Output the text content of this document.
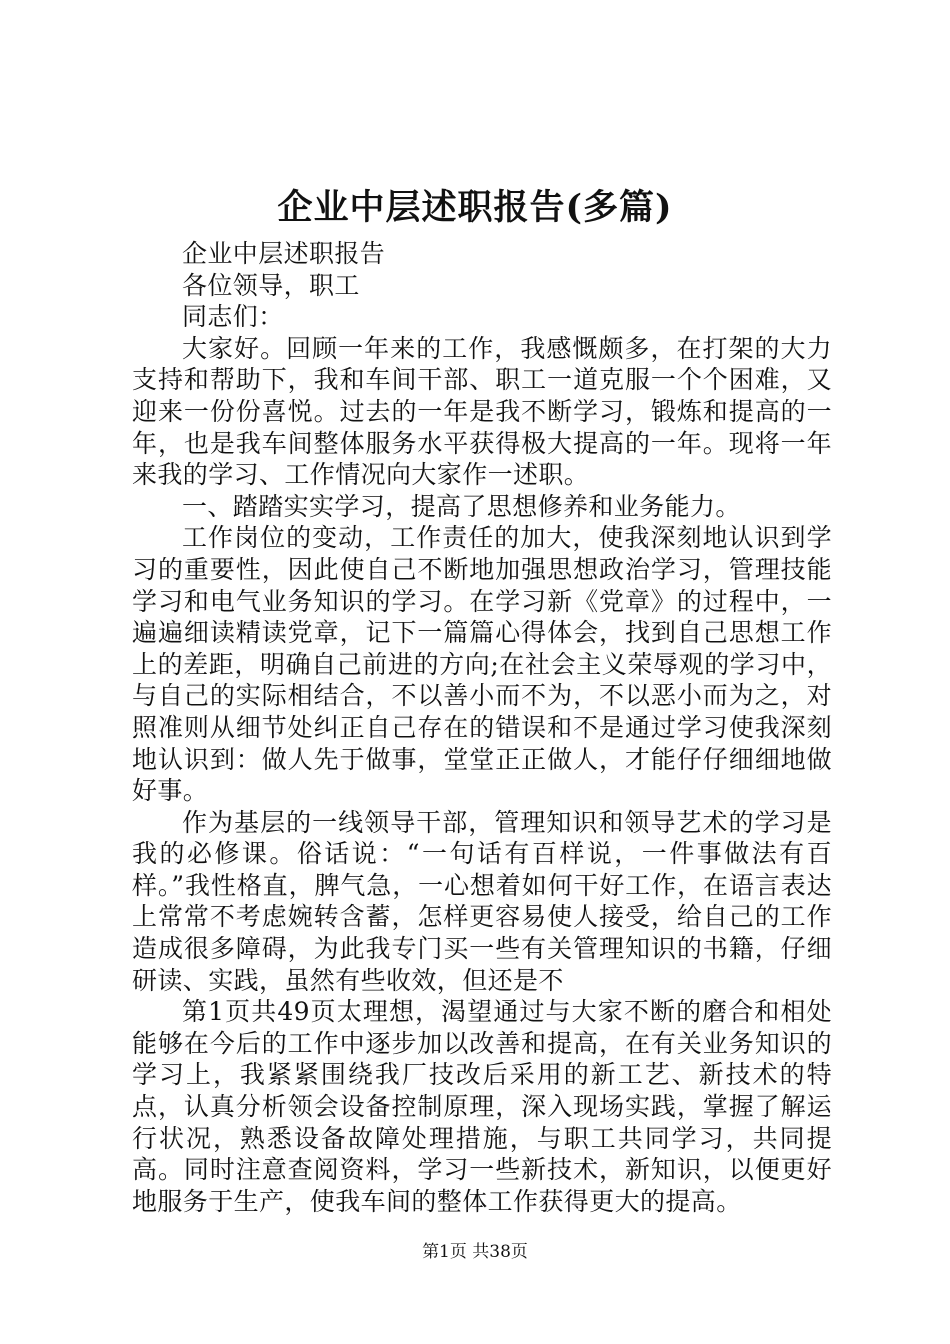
企业中层述职报告(多篇)

企业中层述职报告

各位领导，职工

同志们：

大家好。回顾一年来的工作，我感慨颇多，在打架的大力支持和帮助下，我和车间干部、职工一道克服一个个困难，又迎来一份份喜悦。过去的一年是我不断学习，锻炼和提高的一年，也是我车间整体服务水平获得极大提高的一年。现将一年来我的学习、工作情况向大家作一述职。

一、踏踏实实学习，提高了思想修养和业务能力。

工作岗位的变动，工作责任的加大，使我深刻地认识到学习的重要性，因此使自己不断地加强思想政治学习，管理技能学习和电气业务知识的学习。在学习新《党章》的过程中，一遍遍细读精读党章，记下一篇篇心得体会，找到自己思想工作上的差距，明确自己前进的方向;在社会主义荣辱观的学习中，与自己的实际相结合，不以善小而不为，不以恶小而为之，对照准则从细节处纠正自己存在的错误和不是通过学习使我深刻地认识到：做人先于做事，堂堂正正做人，才能仔仔细细地做好事。

作为基层的一线领导干部，管理知识和领导艺术的学习是我的必修课。俗话说：“一句话有百样说，一件事做法有百样。”我性格直，脾气急，一心想着如何干好工作，在语言表达上常常不考虑婉转含蓄，怎样更容易使人接受，给自己的工作造成很多障碍，为此我专门买一些有关管理知识的书籍，仔细研读、实践，虽然有些收效，但还是不

第1页共49页太理想，渴望通过与大家不断的磨合和相处能够在今后的工作中逐步加以改善和提高，在有关业务知识的学习上，我紧紧围绕我厂技改后采用的新工艺、新技术的特点，认真分析领会设备控制原理，深入现场实践，掌握了解运行状况，熟悉设备故障处理措施，与职工共同学习，共同提高。同时注意查阅资料，学习一些新技术，新知识，以便更好地服务于生产，使我车间的整体工作获得更大的提高。

第1页 共38页
